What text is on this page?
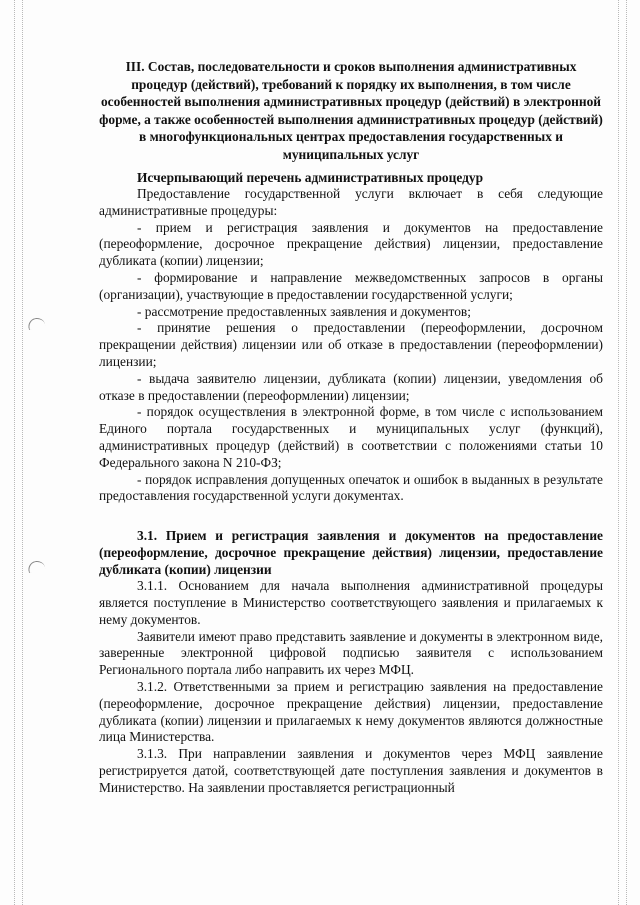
III. Состав, последовательности и сроков выполнения административных процедур (действий), требований к порядку их выполнения, в том числе особенностей выполнения административных процедур (действий) в электронной форме, а также особенностей выполнения административных процедур (действий) в многофункциональных центрах предоставления государственных и муниципальных услуг
Исчерпывающий перечень административных процедур

Предоставление государственной услуги включает в себя следующие административные процедуры:

- прием и регистрация заявления и документов на предоставление (переоформление, досрочное прекращение действия) лицензии, предоставление дубликата (копии) лицензии;

- формирование и направление межведомственных запросов в органы (организации), участвующие в предоставлении государственной услуги;

- рассмотрение предоставленных заявления и документов;

- принятие решения о предоставлении (переоформлении, досрочном прекращении действия) лицензии или об отказе в предоставлении (переоформлении) лицензии;

- выдача заявителю лицензии, дубликата (копии) лицензии, уведомления об отказе в предоставлении (переоформлении) лицензии;

- порядок осуществления в электронной форме, в том числе с использованием Единого портала государственных и муниципальных услуг (функций), административных процедур (действий) в соответствии с положениями статьи 10 Федерального закона N 210-ФЗ;

- порядок исправления допущенных опечаток и ошибок в выданных в результате предоставления государственной услуги документах.

3.1. Прием и регистрация заявления и документов на предоставление (переоформление, досрочное прекращение действия) лицензии, предоставление дубликата (копии) лицензии

3.1.1. Основанием для начала выполнения административной процедуры является поступление в Министерство соответствующего заявления и прилагаемых к нему документов.

Заявители имеют право представить заявление и документы в электронном виде, заверенные электронной цифровой подписью заявителя с использованием Регионального портала либо направить их через МФЦ.

3.1.2. Ответственными за прием и регистрацию заявления на предоставление (переоформление, досрочное прекращение действия) лицензии, предоставление дубликата (копии) лицензии и прилагаемых к нему документов являются должностные лица Министерства.

3.1.3. При направлении заявления и документов через МФЦ заявление регистрируется датой, соответствующей дате поступления заявления и документов в Министерство. На заявлении проставляется регистрационный
